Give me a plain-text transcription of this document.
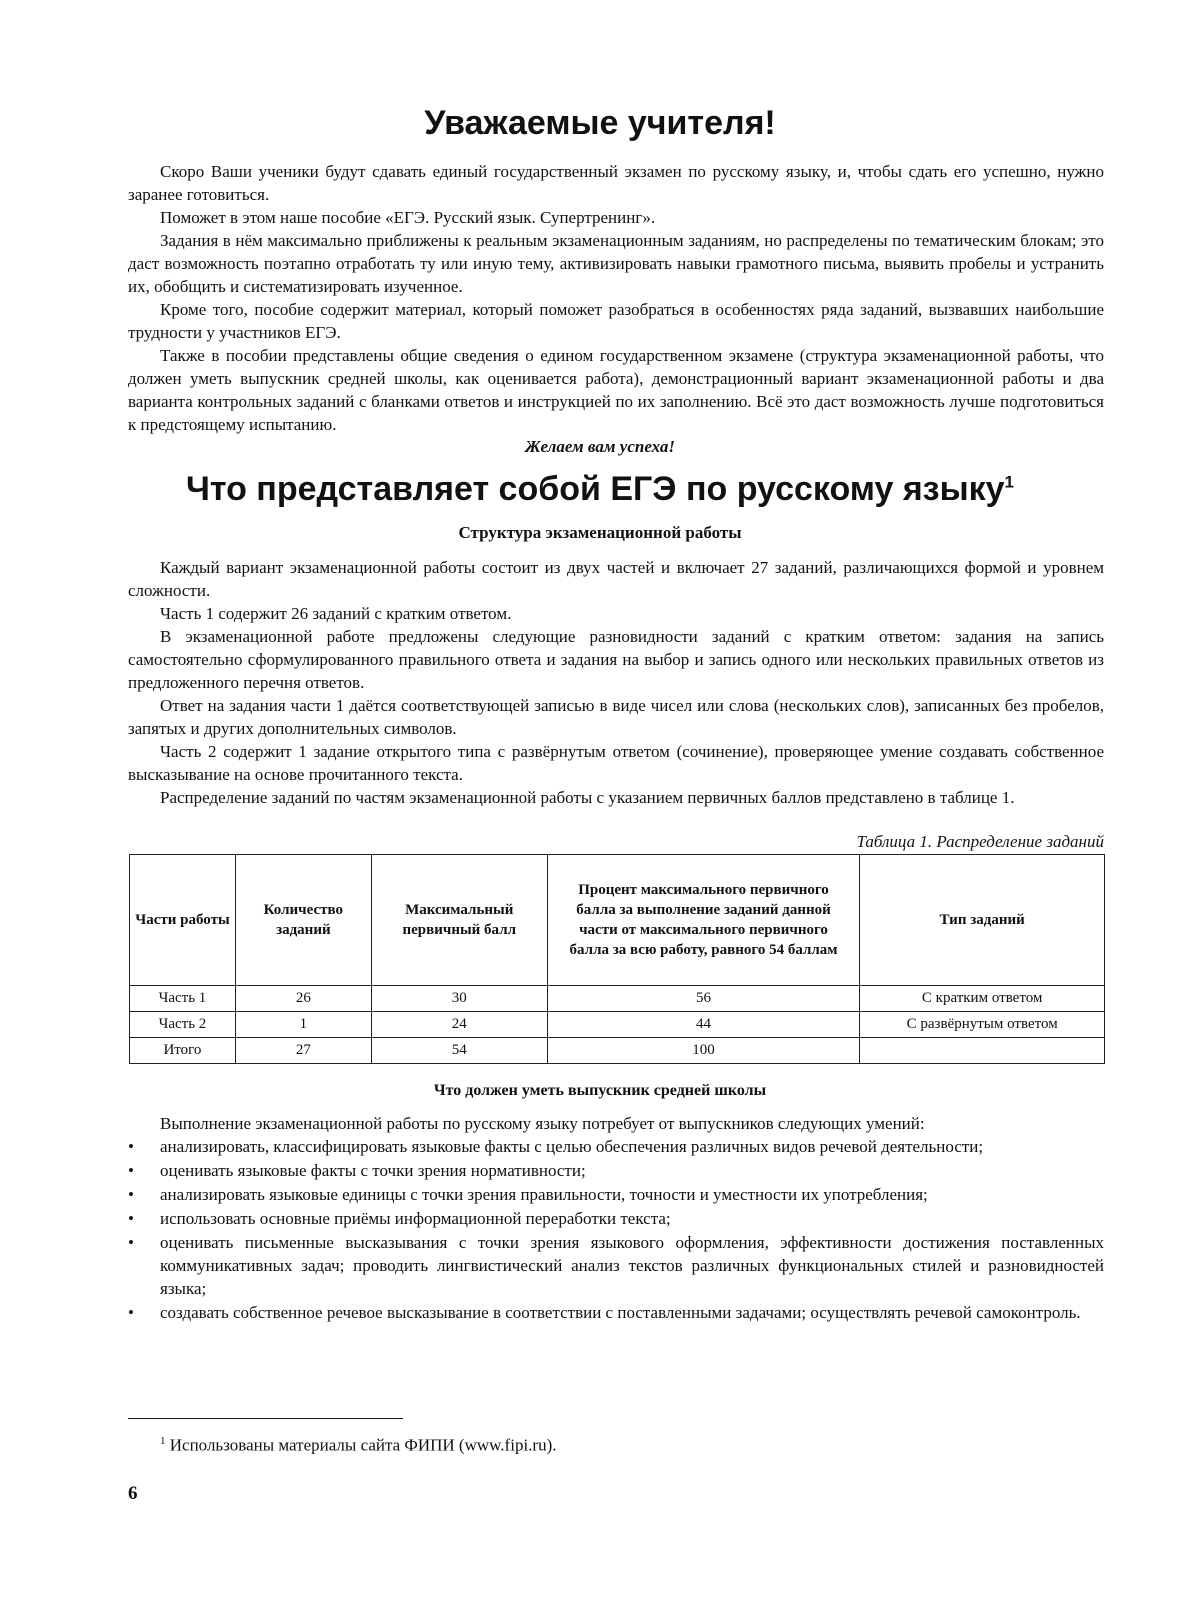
Уважаемые учителя!

Скоро Ваши ученики будут сдавать единый государственный экзамен по русскому языку, и, чтобы сдать его успешно, нужно заранее готовиться.

Поможет в этом наше пособие «ЕГЭ. Русский язык. Супертренинг».

Задания в нём максимально приближены к реальным экзаменационным заданиям, но распределены по тематическим блокам; это даст возможность поэтапно отработать ту или иную тему, активизировать навыки грамотного письма, выявить пробелы и устранить их, обобщить и систематизировать изученное.

Кроме того, пособие содержит материал, который поможет разобраться в особенностях ряда заданий, вызвавших наибольшие трудности у участников ЕГЭ.

Также в пособии представлены общие сведения о едином государственном экзамене (структура экзаменационной работы, что должен уметь выпускник средней школы, как оценивается работа), демонстрационный вариант экзаменационной работы и два варианта контрольных заданий с бланками ответов и инструкцией по их заполнению. Всё это даст возможность лучше подготовиться к предстоящему испытанию.

Желаем вам успеха!
Что представляет собой ЕГЭ по русскому языку$^1$
Структура экзаменационной работы

Каждый вариант экзаменационной работы состоит из двух частей и включает 27 заданий, различающихся формой и уровнем сложности.

Часть 1 содержит 26 заданий с кратким ответом.

В экзаменационной работе предложены следующие разновидности заданий с кратким ответом: задания на запись самостоятельно сформулированного правильного ответа и задания на выбор и запись одного или нескольких правильных ответов из предложенного перечня ответов.

Ответ на задания части 1 даётся соответствующей записью в виде чисел или слова (нескольких слов), записанных без пробелов, запятых и других дополнительных символов.

Часть 2 содержит 1 задание открытого типа с развёрнутым ответом (сочинение), проверяющее умение создавать собственное высказывание на основе прочитанного текста.

Распределение заданий по частям экзаменационной работы с указанием первичных баллов представлено в таблице 1.

Таблица 1. Распределение заданий
Части работы	Количество заданий	Максимальный первичный балл	Процент максимального первичного балла за выполнение заданий данной части от максимального первичного балла за всю работу, равного 54 баллам	Тип заданий
Часть 1	26	30	56	С кратким ответом
Часть 2	1	24	44	С развёрнутым ответом
Итого	27	54	100	
Что должен уметь выпускник средней школы

Выполнение экзаменационной работы по русскому языку потребует от выпускников следующих умений:

• анализировать, классифицировать языковые факты с целью обеспечения различных видов речевой деятельности;
• оценивать языковые факты с точки зрения нормативности;
• анализировать языковые единицы с точки зрения правильности, точности и уместности их употребления;
• использовать основные приёмы информационной переработки текста;
• оценивать письменные высказывания с точки зрения языкового оформления, эффективности достижения поставленных коммуникативных задач; проводить лингвистический анализ текстов различных функциональных стилей и разновидностей языка;
• создавать собственное речевое высказывание в соответствии с поставленными задачами; осуществлять речевой самоконтроль.
$^1$ Использованы материалы сайта ФИПИ (www.fipi.ru).
6
